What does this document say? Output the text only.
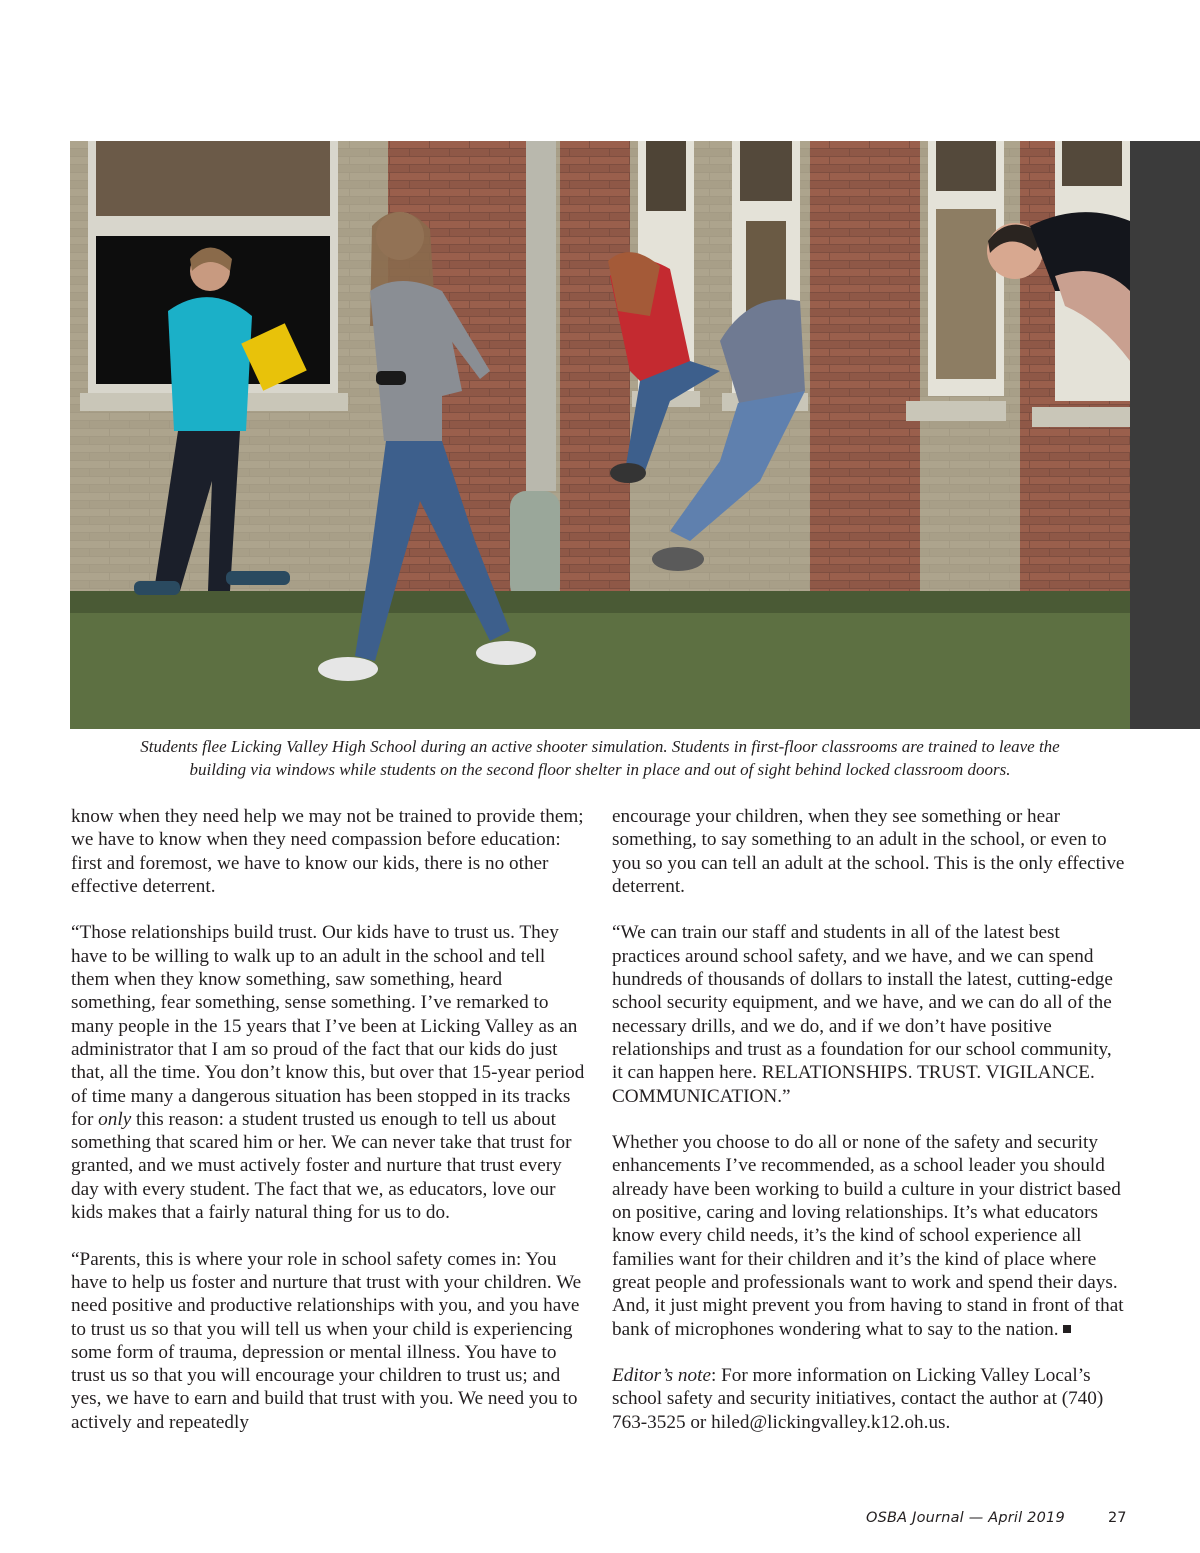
Students flee Licking Valley High School during an active shooter simulation. Students in first-floor classrooms are trained to leave the
building via windows while students on the second floor shelter in place and out of sight behind locked classroom doors.

know when they need help we may not be trained to provide them; we have to know when they need compassion before education: first and foremost, we have to know our kids, there is no other effective deterrent.

“Those relationships build trust. Our kids have to trust us. They have to be willing to walk up to an adult in the school and tell them when they know something, saw something, heard something, fear something, sense something. I’ve remarked to many people in the 15 years that I’ve been at Licking Valley as an administrator that I am so proud of the fact that our kids do just that, all the time. You don’t know this, but over that 15-year period of time many a dangerous situation has been stopped in its tracks for only this reason: a student trusted us enough to tell us about something that scared him or her. We can never take that trust for granted, and we must actively foster and nurture that trust every day with every student. The fact that we, as educators, love our kids makes that a fairly natural thing for us to do.

“Parents, this is where your role in school safety comes in: You have to help us foster and nurture that trust with your children. We need positive and productive relationships with you, and you have to trust us so that you will tell us when your child is experiencing some form of trauma, depression or mental illness. You have to trust us so that you will encourage your children to trust us; and yes, we have to earn and build that trust with you. We need you to actively and repeatedly

encourage your children, when they see something or hear something, to say something to an adult in the school, or even to you so you can tell an adult at the school. This is the only effective deterrent.

“We can train our staff and students in all of the latest best practices around school safety, and we have, and we can spend hundreds of thousands of dollars to install the latest, cutting-edge school security equipment, and we have, and we can do all of the necessary drills, and we do, and if we don’t have positive relationships and trust as a foundation for our school community, it can happen here. RELATIONSHIPS. TRUST. VIGILANCE. COMMUNICATION.”

Whether you choose to do all or none of the safety and security enhancements I’ve recommended, as a school leader you should already have been working to build a culture in your district based on positive, caring and loving relationships. It’s what educators know every child needs, it’s the kind of school experience all families want for their children and it’s the kind of place where great people and professionals want to work and spend their days. And, it just might prevent you from having to stand in front of that bank of microphones wondering what to say to the nation.

Editor’s note: For more information on Licking Valley Local’s school safety and security initiatives, contact the author at (740) 763-3525 or hiled@lickingvalley.k12.oh.us.

OSBA Journal — April 2019	27
